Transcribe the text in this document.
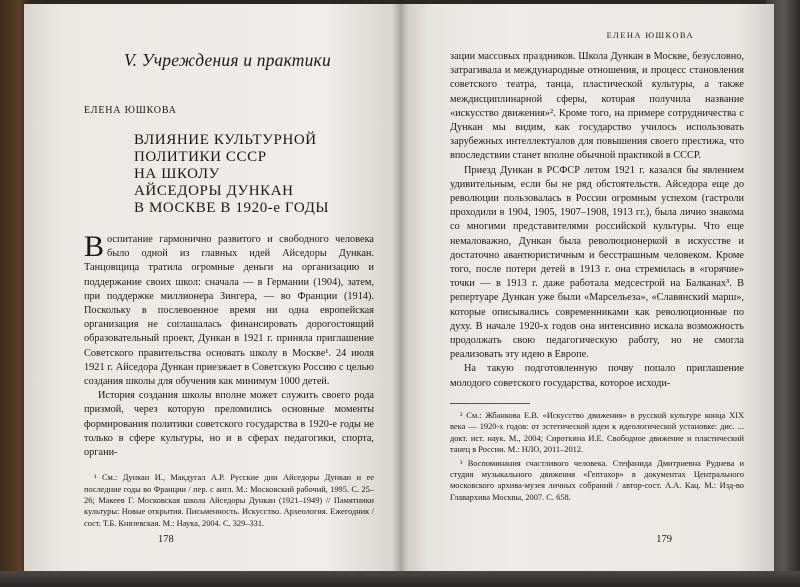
V. Учреждения и практики
ЕЛЕНА ЮШКОВА
ВЛИЯНИЕ КУЛЬТУРНОЙ
ПОЛИТИКИ СССР
НА ШКОЛУ
АЙСЕДОРЫ ДУНКАН
В МОСКВЕ В 1920-е ГОДЫ

Воспитание гармонично развитого и свободного человека было одной из главных идей Айседоры Дункан. Танцовщица тратила огромные деньги на организацию и поддержание своих школ: сначала — в Германии (1904), затем, при поддержке миллионера Зингера, — во Франции (1914). Поскольку в послевоенное время ни одна европейская организация не соглашалась финансировать дорогостоящий образовательный проект, Дункан в 1921 г. приняла приглашение Советского правительства основать школу в Москве¹. 24 июля 1921 г. Айседора Дункан приезжает в Советскую Россию с целью создания школы для обучения как минимум 1000 детей.

История создания школы вполне может служить своего рода призмой, через которую преломились основные моменты формирования политики советского государства в 1920-е годы не только в сфере культуры, но и в сферах педагогики, спорта, органи-

¹ См.: Дункан И., Макдугал А.Р. Русские дни Айседоры Дункан и ее последние годы во Франции / пер. с англ. М.: Московский рабочий, 1995. С. 25–26; Макеев Г. Московская школа Айседоры Дункан (1921–1949) // Памятники культуры: Новые открытия. Письменность. Искусство. Археология. Ежегодник / сост. Т.Б. Князевская. М.: Наука, 2004. С. 329–331.

178
ЕЛЕНА ЮШКОВА

зации массовых праздников. Школа Дункан в Москве, безусловно, затрагивала и международные отношения, и процесс становления советского театра, танца, пластической культуры, а также междисциплинарной сферы, которая получила название «искусство движения»². Кроме того, на примере сотрудничества с Дункан мы видим, как государство училось использовать зарубежных интеллектуалов для повышения своего престижа, что впоследствии станет вполне обычной практикой в СССР.

Приезд Дункан в РСФСР летом 1921 г. казался бы явлением удивительным, если бы не ряд обстоятельств. Айседора еще до революции пользовалась в России огромным успехом (гастроли проходили в 1904, 1905, 1907–1908, 1913 гг.), была лично знакома со многими представителями российской культуры. Что еще немаловажно, Дункан была революционеркой в искусстве и достаточно авантюристичным и бесстрашным человеком. Кроме того, после потери детей в 1913 г. она стремилась в «горячие» точки — в 1913 г. даже работала медсестрой на Балканах³. В репертуаре Дункан уже были «Марсельеза», «Славянский марш», которые описывались современниками как революционные по духу. В начале 1920-х годов она интенсивно искала возможность продолжать свою педагогическую работу, но не смогла реализовать эту идею в Европе.

На такую подготовленную почву попало приглашение молодого советского государства, которое исходи-

² См.: Жбанкова Е.В. «Искусство движения» в русской культуре конца XIX века — 1920-х годов: от эстетической идеи к идеологической установке: дис. ... докт. ист. наук. М., 2004; Сироткина И.Е. Свободное движение и пластический танец в России. М.: НЛО, 2011–2012.

³ Воспоминания счастливого человека. Стефанида Дмитриевна Руднева и студия музыкального движения «Гептахор» в документах Центрального московского архива-музея личных собраний / автор-сост. А.А. Кац. М.: Изд-во Главархива Москвы, 2007. С. 658.

179
